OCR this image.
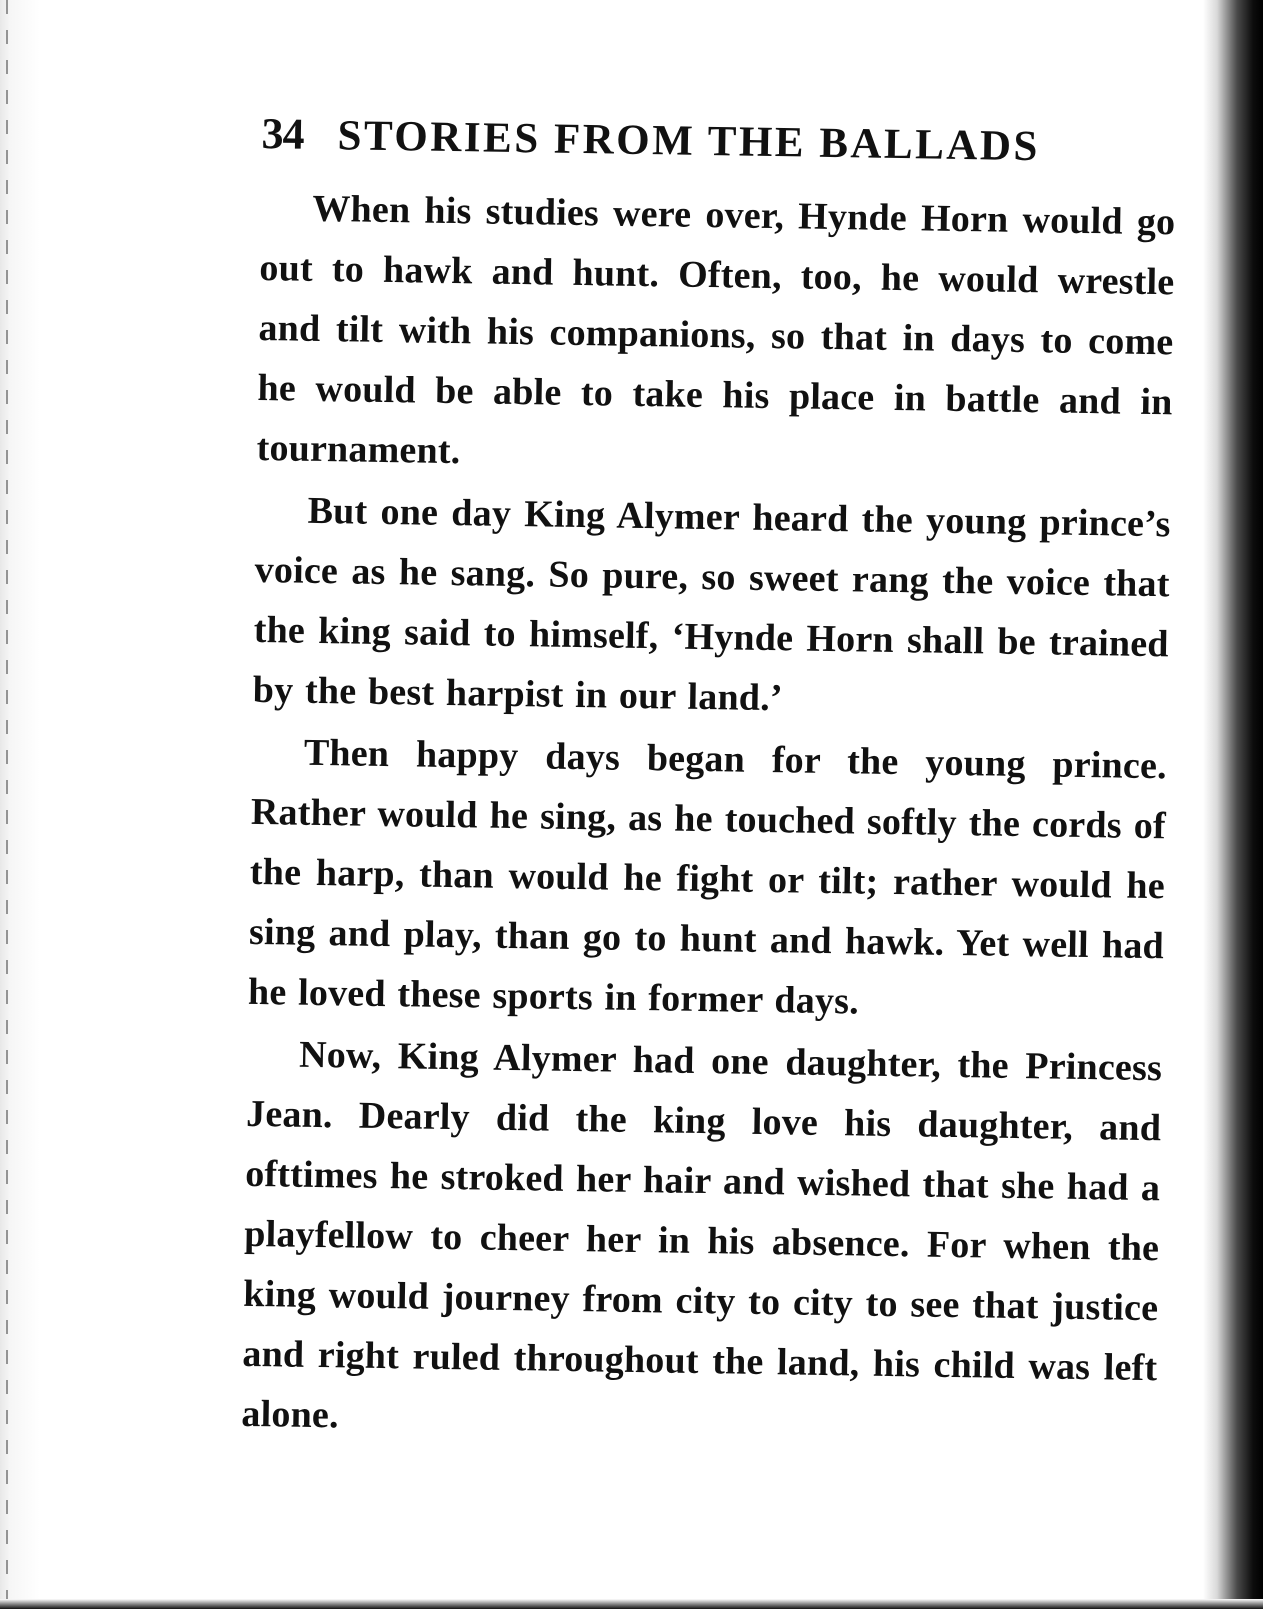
34 STORIES FROM THE BALLADS

When his studies were over, Hynde Horn would go out to hawk and hunt. Often, too, he would wrestle and tilt with his companions, so that in days to come he would be able to take his place in battle and in tournament.

But one day King Alymer heard the young prince’s voice as he sang. So pure, so sweet rang the voice that the king said to himself, ‘Hynde Horn shall be trained by the best harpist in our land.’

Then happy days began for the young prince. Rather would he sing, as he touched softly the cords of the harp, than would he fight or tilt; rather would he sing and play, than go to hunt and hawk. Yet well had he loved these sports in former days.

Now, King Alymer had one daughter, the Princess Jean. Dearly did the king love his daughter, and ofttimes he stroked her hair and wished that she had a playfellow to cheer her in his absence. For when the king would journey from city to city to see that justice and right ruled throughout the land, his child was left alone.
